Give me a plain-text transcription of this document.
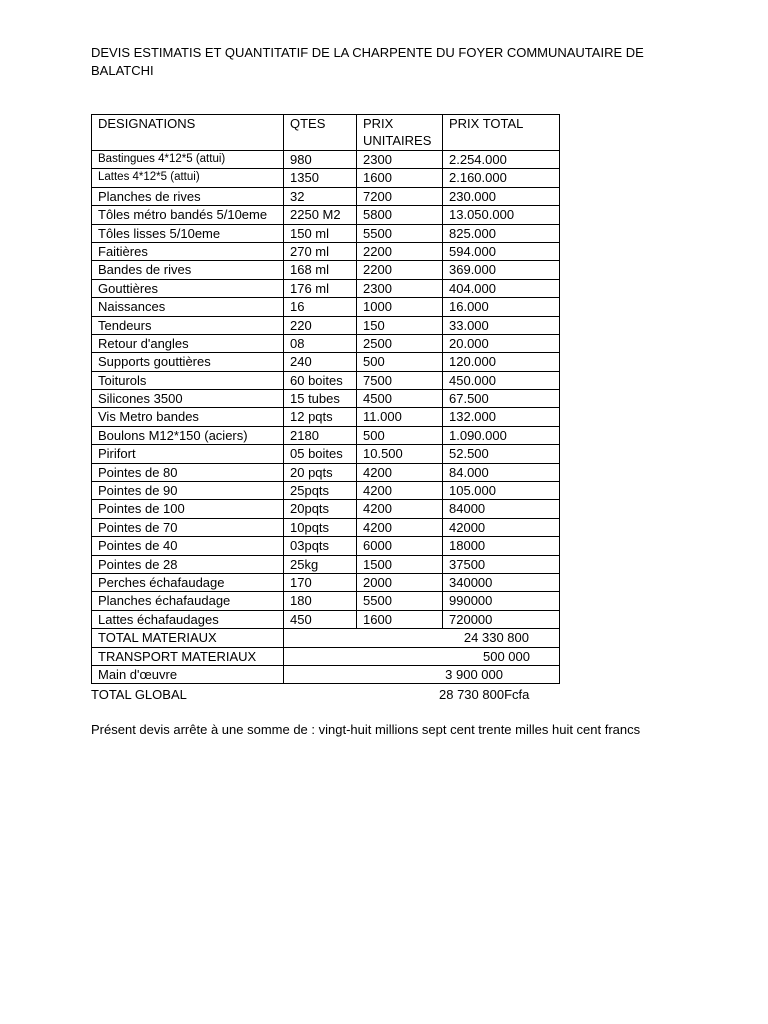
DEVIS ESTIMATIS ET QUANTITATIF DE LA CHARPENTE DU FOYER COMMUNAUTAIRE DE BALATCHI
DESIGNATIONS	QTES	PRIX UNITAIRES	PRIX TOTAL
Bastingues 4*12*5 (attui)	980	2300	2.254.000
Lattes 4*12*5 (attui)	1350	1600	2.160.000
Planches de rives	32	7200	230.000
Tôles métro bandés 5/10eme	2250 M2	5800	13.050.000
Tôles lisses 5/10eme	150 ml	5500	825.000
Faitières	270 ml	2200	594.000
Bandes de rives	168 ml	2200	369.000
Gouttières	176 ml	2300	404.000
Naissances	16	1000	16.000
Tendeurs	220	150	33.000
Retour d'angles	08	2500	20.000
Supports gouttières	240	500	120.000
Toiturols	60 boites	7500	450.000
Silicones 3500	15 tubes	4500	67.500
Vis Metro bandes	12 pqts	11.000	132.000
Boulons M12*150 (aciers)	2180	500	1.090.000
Pirifort	05 boites	10.500	52.500
Pointes de 80	20 pqts	4200	84.000
Pointes de 90	25pqts	4200	105.000
Pointes de 100	20pqts	4200	84000
Pointes de 70	10pqts	4200	42000
Pointes de 40	03pqts	6000	18000
Pointes de 28	25kg	1500	37500
Perches échafaudage	170	2000	340000
Planches échafaudage	180	5500	990000
Lattes échafaudages	450	1600	720000
TOTAL MATERIAUX	24 330 800		
TRANSPORT MATERIAUX	500 000		
Main d'œuvre	3 900 000		
TOTAL GLOBAL	28 730 800Fcfa
Présent devis arrête à une somme de : vingt-huit millions sept cent trente milles huit cent francs
